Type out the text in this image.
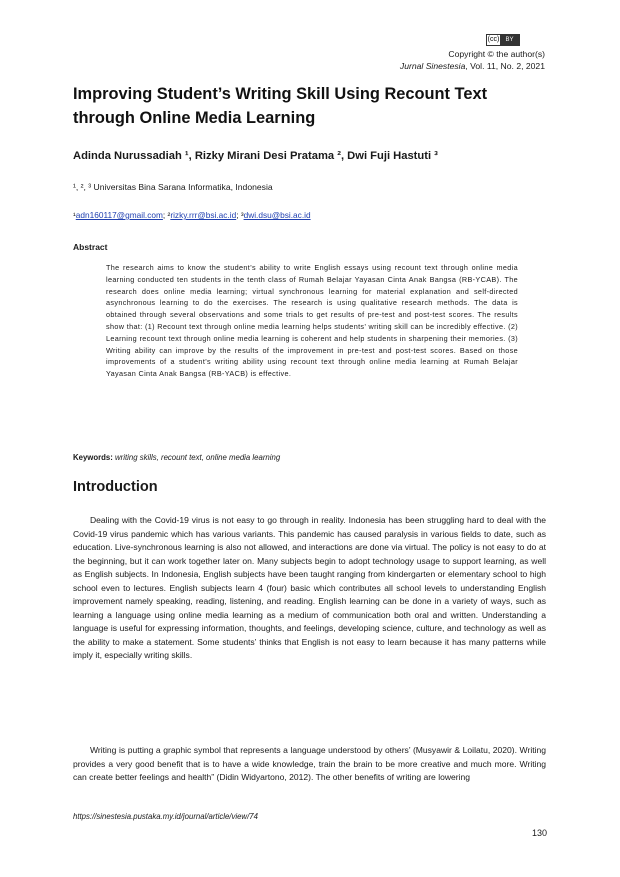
(cc)	BY
Copyright © the author(s)
Jurnal Sinestesia, Vol. 11, No. 2, 2021
Improving Student’s Writing Skill Using Recount Text through Online Media Learning
Adinda Nurussadiah ¹, Rizky Mirani Desi Pratama ², Dwi Fuji Hastuti ³
¹, ², ³ Universitas Bina Sarana Informatika, Indonesia
¹adn160117@gmail.com; ²rizky.rrr@bsi.ac.id; ³dwi.dsu@bsi.ac.id
Abstract
The research aims to know the student’s ability to write English essays using recount text through online media learning conducted ten students in the tenth class of Rumah Belajar Yayasan Cinta Anak Bangsa (RB-YCAB). The research does online media learning; virtual synchronous learning for material explanation and self-directed asynchronous learning to do the exercises. The research is using qualitative research methods. The data is obtained through several observations and some trials to get results of pre-test and post-test scores. The results show that: (1) Recount text through online media learning helps students’ writing skill can be incredibly effective. (2) Learning recount text through online media learning is coherent and help students in sharpening their memories. (3) Writing ability can improve by the results of the improvement in pre-test and post-test scores. Based on those improvements of a student’s writing ability using recount text through online media learning at Rumah Belajar Yayasan Cinta Anak Bangsa (RB-YACB) is effective.
Keywords: writing skills, recount text, online media learning
Introduction
Dealing with the Covid-19 virus is not easy to go through in reality. Indonesia has been struggling hard to deal with the Covid-19 virus pandemic which has various variants. This pandemic has caused paralysis in various fields to date, such as education. Live-synchronous learning is also not allowed, and interactions are done via virtual. The policy is not easy to do at the beginning, but it can work together later on. Many subjects begin to adopt technology usage to support learning, as well as English subjects. In Indonesia, English subjects have been taught ranging from kindergarten or elementary school to high school even to lectures. English subjects learn 4 (four) basic which contributes all school levels to understanding English improvement namely speaking, reading, listening, and reading. English learning can be done in a variety of ways, such as learning a language using online media learning as a medium of communication both oral and written. Understanding a language is useful for expressing information, thoughts, and feelings, developing science, culture, and technology as well as the ability to make a statement. Some students’ thinks that English is not easy to learn because it has many patterns while imply it, especially writing skills.
Writing is putting a graphic symbol that represents a language understood by others’ (Musyawir & Loilatu, 2020). Writing provides a very good benefit that is to have a wide knowledge, train the brain to be more creative and much more. Writing can create better feelings and health” (Didin Widyartono, 2012). The other benefits of writing are lowering
https://sinestesia.pustaka.my.id/journal/article/view/74
130
